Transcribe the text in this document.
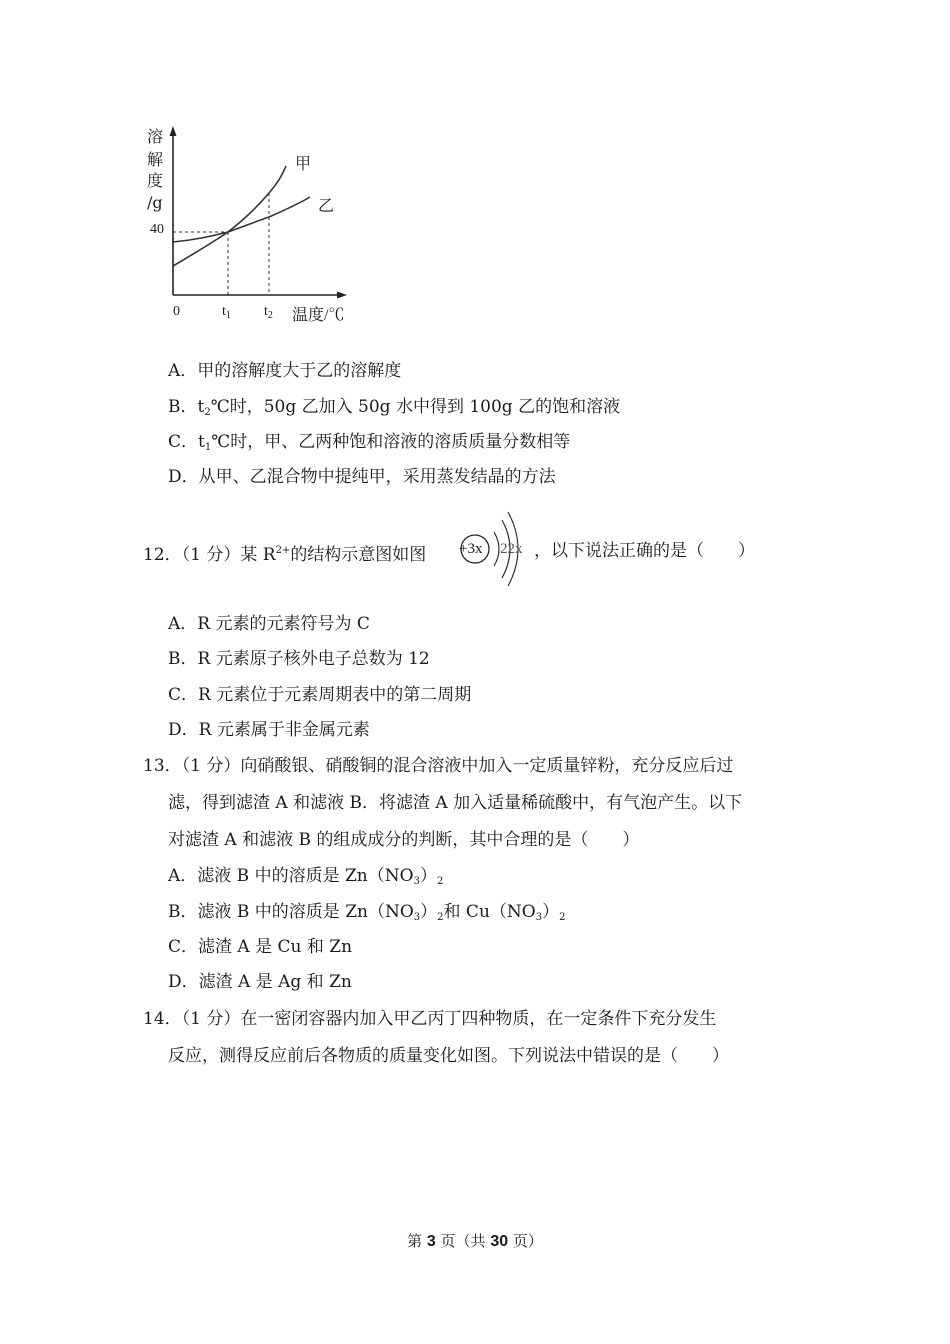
溶
解
度
/g
40
0	$t_1$ $t_2$ 温度/℃
甲
乙
A．甲的溶解度大于乙的溶解度
B．$t_2℃$时，50g 乙加入 50g 水中得到 100g 乙的饱和溶液
C．$t_1℃$时，甲、乙两种饱和溶液的溶质质量分数相等
D．从甲、乙混合物中提纯甲，采用蒸发结晶的方法
12．（1 分）某 $R^{2+}$的结构示意图如图 +3x 22x ，以下说法正确的是（　　）
A．R 元素的元素符号为 C
B．R 元素原子核外电子总数为 12
C．R 元素位于元素周期表中的第二周期
D．R 元素属于非金属元素
13．（1 分）向硝酸银、硝酸铜的混合溶液中加入一定质量锌粉，充分反应后过
滤，得到滤渣 A 和滤液 B．将滤渣 A 加入适量稀硫酸中，有气泡产生。以下
对滤渣 A 和滤液 B 的组成成分的判断，其中合理的是（　　）
A．滤液 B 中的溶质是 $Zn(NO_3)_2$
B．滤液 B 中的溶质是 $Zn(NO_3)_2$和 $Cu(NO_3)_2$
C．滤渣 A 是 Cu 和 Zn
D．滤渣 A 是 Ag 和 Zn
14．（1 分）在一密闭容器内加入甲乙丙丁四种物质，在一定条件下充分发生
反应，测得反应前后各物质的质量变化如图。下列说法中错误的是（　　）
第 3 页（共 30 页）
